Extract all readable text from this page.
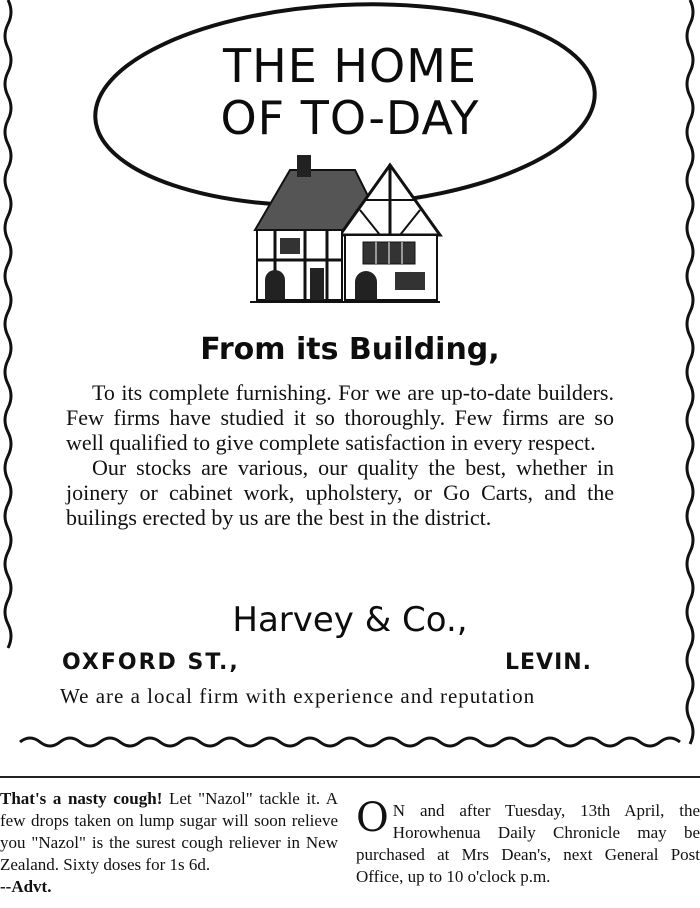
THE HOME
OF TO-DAY
From its Building,

To its complete furnishing. For we are up-to-date builders. Few firms have studied it so thoroughly. Few firms are so well qualified to give complete satisfaction in every respect.

Our stocks are various, our quality the best, whether in joinery or cabinet work, upholstery, or Go Carts, and the builings erected by us are the best in the district.

Harvey & Co.,
OXFORD ST.,	LEVIN.
We are a local firm with experience and reputation
That's a nasty cough! Let "Nazol" tackle it. A few drops taken on lump sugar will soon relieve you "Nazol" is the surest cough reliever in New Zealand. Sixty doses for 1s 6d.
--Advt.
O N and after Tuesday, 13th April, the Horowhenua Daily Chronicle may be purchased at Mrs Dean's, next General Post Office, up to 10 o'clock p.m.
